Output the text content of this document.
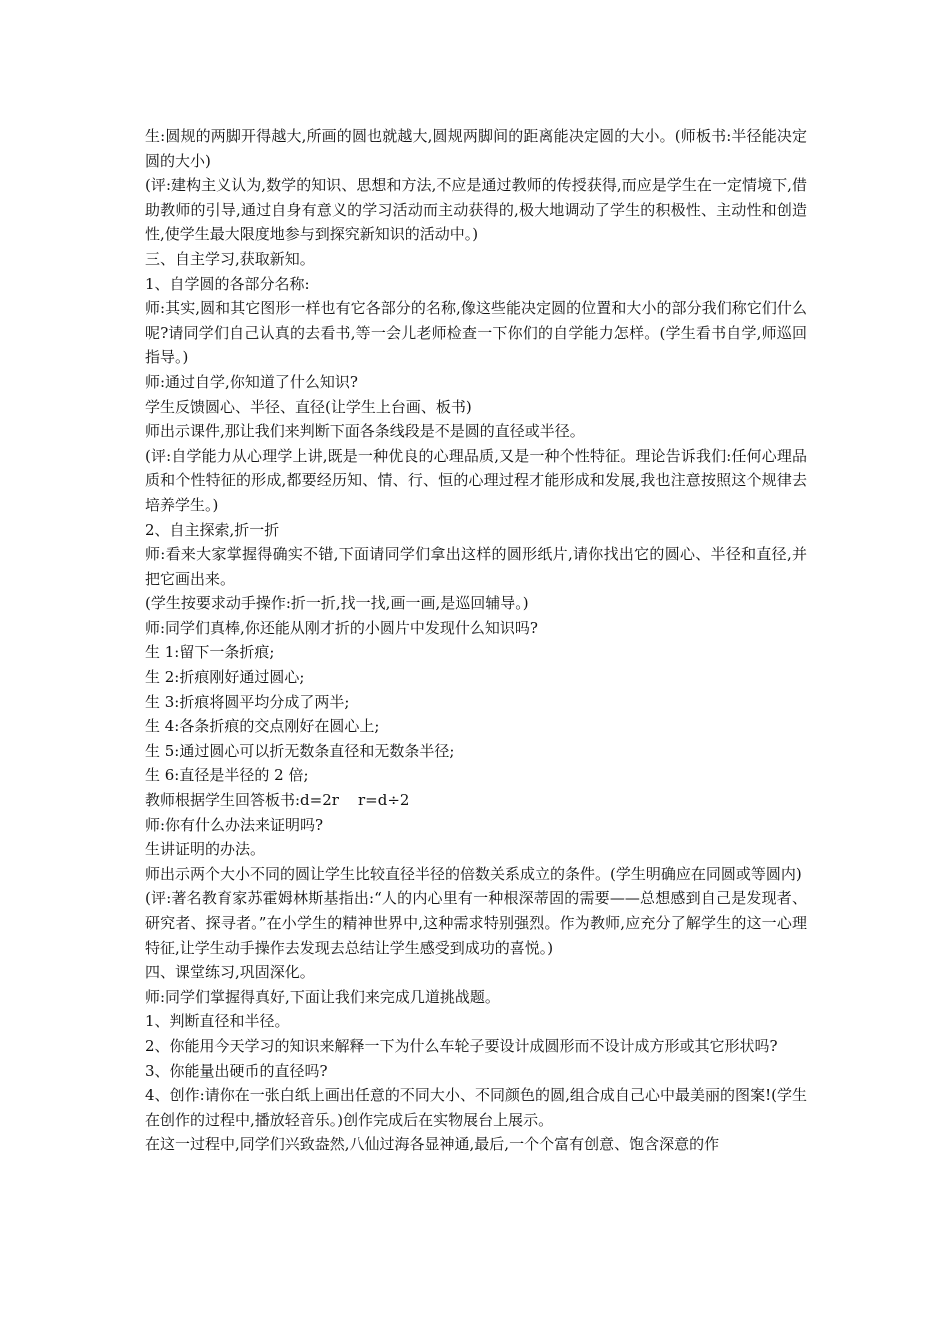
生:圆规的两脚开得越大,所画的圆也就越大,圆规两脚间的距离能决定圆的大小。(师板书:半径能决定圆的大小)

(评:建构主义认为,数学的知识、思想和方法,不应是通过教师的传授获得,而应是学生在一定情境下,借助教师的引导,通过自身有意义的学习活动而主动获得的,极大地调动了学生的积极性、主动性和创造性,使学生最大限度地参与到探究新知识的活动中。)

三、自主学习,获取新知。

1、自学圆的各部分名称:

师:其实,圆和其它图形一样也有它各部分的名称,像这些能决定圆的位置和大小的部分我们称它们什么呢?请同学们自己认真的去看书,等一会儿老师检查一下你们的自学能力怎样。(学生看书自学,师巡回指导。)

师:通过自学,你知道了什么知识?

学生反馈圆心、半径、直径(让学生上台画、板书)

师出示课件,那让我们来判断下面各条线段是不是圆的直径或半径。

(评:自学能力从心理学上讲,既是一种优良的心理品质,又是一种个性特征。理论告诉我们:任何心理品质和个性特征的形成,都要经历知、情、行、恒的心理过程才能形成和发展,我也注意按照这个规律去培养学生。)

2、自主探索,折一折

师:看来大家掌握得确实不错,下面请同学们拿出这样的圆形纸片,请你找出它的圆心、半径和直径,并把它画出来。

(学生按要求动手操作:折一折,找一找,画一画,是巡回辅导。)

师:同学们真棒,你还能从刚才折的小圆片中发现什么知识吗?

生 1:留下一条折痕;

生 2:折痕刚好通过圆心;

生 3:折痕将圆平均分成了两半;

生 4:各条折痕的交点刚好在圆心上;

生 5:通过圆心可以折无数条直径和无数条半径;

生 6:直径是半径的 2 倍;

教师根据学生回答板书:d=2r    r=d÷2

师:你有什么办法来证明吗?

生讲证明的办法。

师出示两个大小不同的圆让学生比较直径半径的倍数关系成立的条件。(学生明确应在同圆或等圆内)

(评:著名教育家苏霍姆林斯基指出:“人的内心里有一种根深蒂固的需要——总想感到自己是发现者、研究者、探寻者。”在小学生的精神世界中,这种需求特别强烈。作为教师,应充分了解学生的这一心理特征,让学生动手操作去发现去总结让学生感受到成功的喜悦。)

四、课堂练习,巩固深化。

师:同学们掌握得真好,下面让我们来完成几道挑战题。

1、判断直径和半径。

2、你能用今天学习的知识来解释一下为什么车轮子要设计成圆形而不设计成方形或其它形状吗?

3、你能量出硬币的直径吗?

4、创作:请你在一张白纸上画出任意的不同大小、不同颜色的圆,组合成自己心中最美丽的图案!(学生在创作的过程中,播放轻音乐。)创作完成后在实物展台上展示。

在这一过程中,同学们兴致盎然,八仙过海各显神通,最后,一个个富有创意、饱含深意的作
